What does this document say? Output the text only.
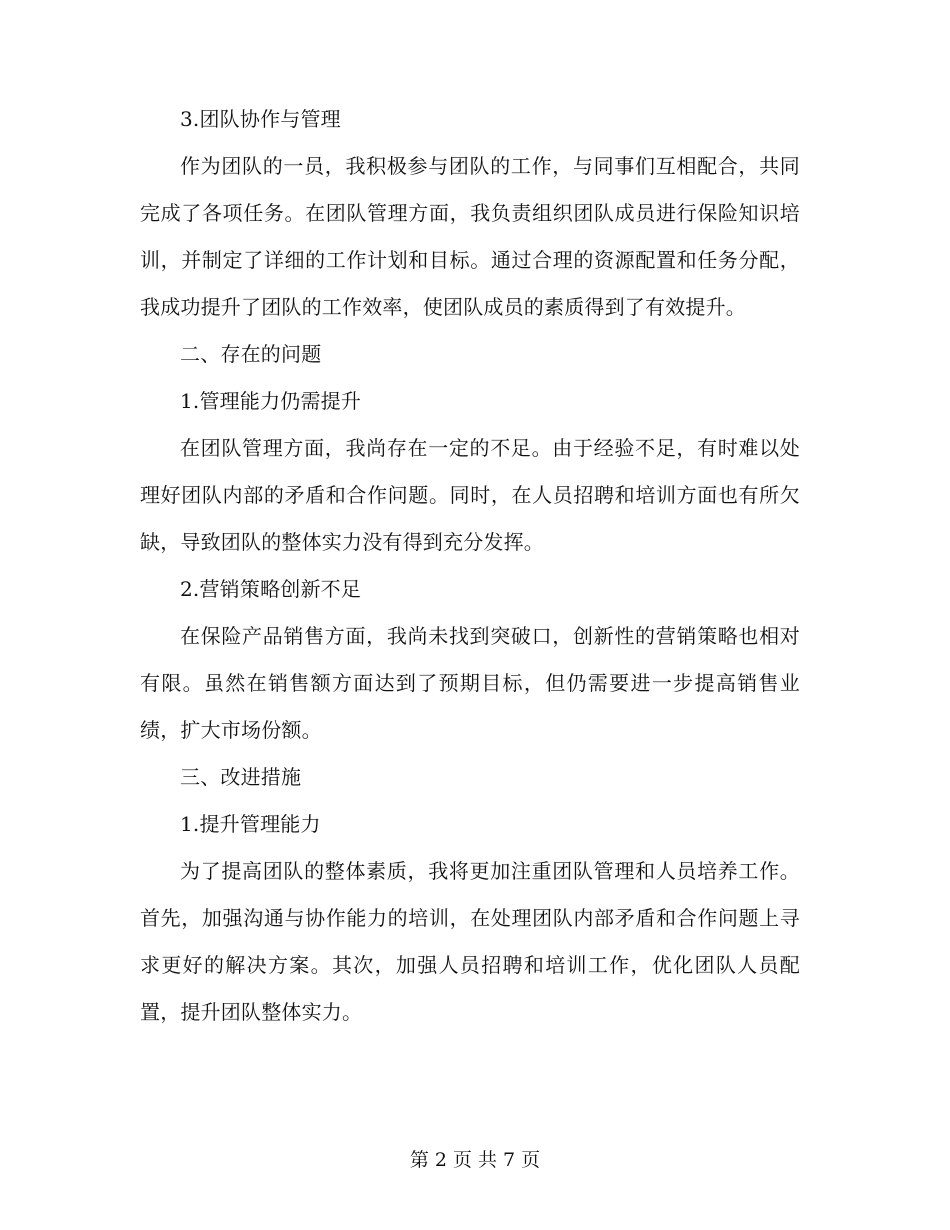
3.团队协作与管理

作为团队的一员，我积极参与团队的工作，与同事们互相配合，共同完成了各项任务。在团队管理方面，我负责组织团队成员进行保险知识培训，并制定了详细的工作计划和目标。通过合理的资源配置和任务分配，我成功提升了团队的工作效率，使团队成员的素质得到了有效提升。

二、存在的问题

1.管理能力仍需提升

在团队管理方面，我尚存在一定的不足。由于经验不足，有时难以处理好团队内部的矛盾和合作问题。同时，在人员招聘和培训方面也有所欠缺，导致团队的整体实力没有得到充分发挥。

2.营销策略创新不足

在保险产品销售方面，我尚未找到突破口，创新性的营销策略也相对有限。虽然在销售额方面达到了预期目标，但仍需要进一步提高销售业绩，扩大市场份额。

三、改进措施

1.提升管理能力

为了提高团队的整体素质，我将更加注重团队管理和人员培养工作。首先，加强沟通与协作能力的培训，在处理团队内部矛盾和合作问题上寻求更好的解决方案。其次，加强人员招聘和培训工作，优化团队人员配置，提升团队整体实力。

第 2 页 共 7 页
